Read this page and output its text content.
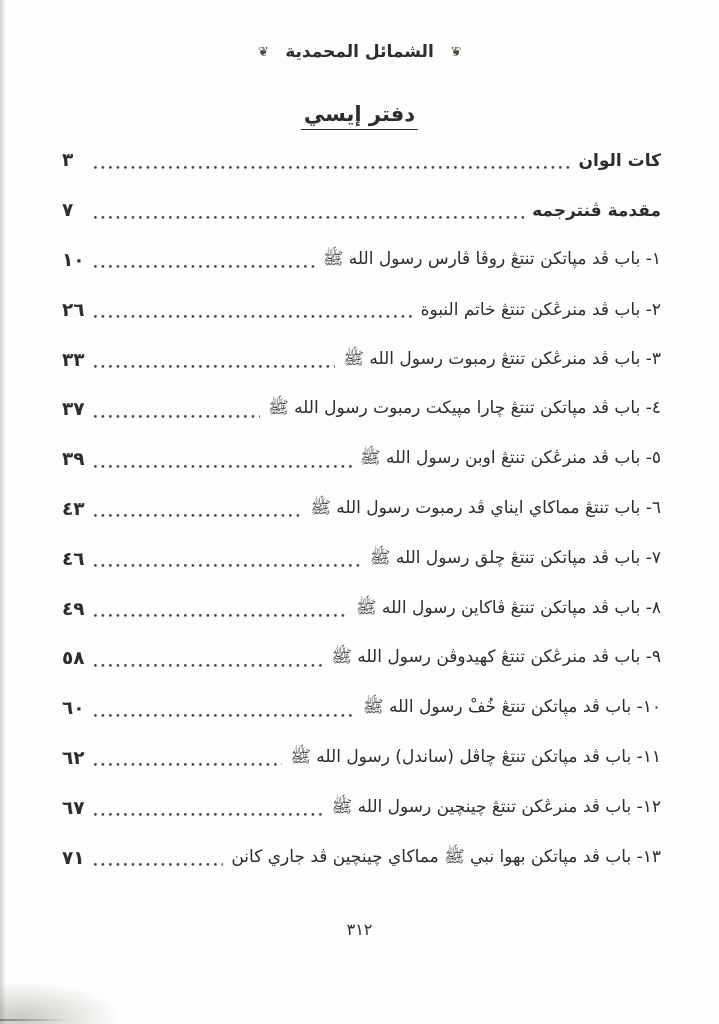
❦
الشمائل المحمدية
❦
دفتر إيسي
كات الوان
٣
مقدمة ڤنترجمه
٧
١- باب ڤد مڽاتكن تنتڠ روڤا ڤارس رسول الله ﷺ
١٠
٢- باب ڤد منرڠكن تنتڠ خاتم النبوة
٢٦
٣- باب ڤد منرڠكن تنتڠ رمبوت رسول الله ﷺ
٣٣
٤- باب ڤد مڽاتكن تنتڠ چارا مڽيكت رمبوت رسول الله ﷺ
٣٧
٥- باب ڤد منرڠكن تنتڠ اوبن رسول الله ﷺ
٣٩
٦- باب تنتڠ مماكاي ايناي ڤد رمبوت رسول الله ﷺ
٤٣
٧- باب ڤد مڽاتكن تنتڠ چلق رسول الله ﷺ
٤٦
٨- باب ڤد مڽاتكن تنتڠ ڤاكاين رسول الله ﷺ
٤٩
٩- باب ڤد منرڠكن تنتڠ كهيدوڤن رسول الله ﷺ
٥٨
١٠- باب ڤد مڽاتكن تنتڠ خُفْ رسول الله ﷺ
٦٠
١١- باب ڤد مڽاتكن تنتڠ چاڤل (ساندل) رسول الله ﷺ
٦٢
١٢- باب ڤد منرڠكن تنتڠ چينچين رسول الله ﷺ
٦٧
١٣- باب ڤد مڽاتكن بهوا نبي ﷺ مماكاي چينچين ڤد جاري كانن
٧١
٣١٢
